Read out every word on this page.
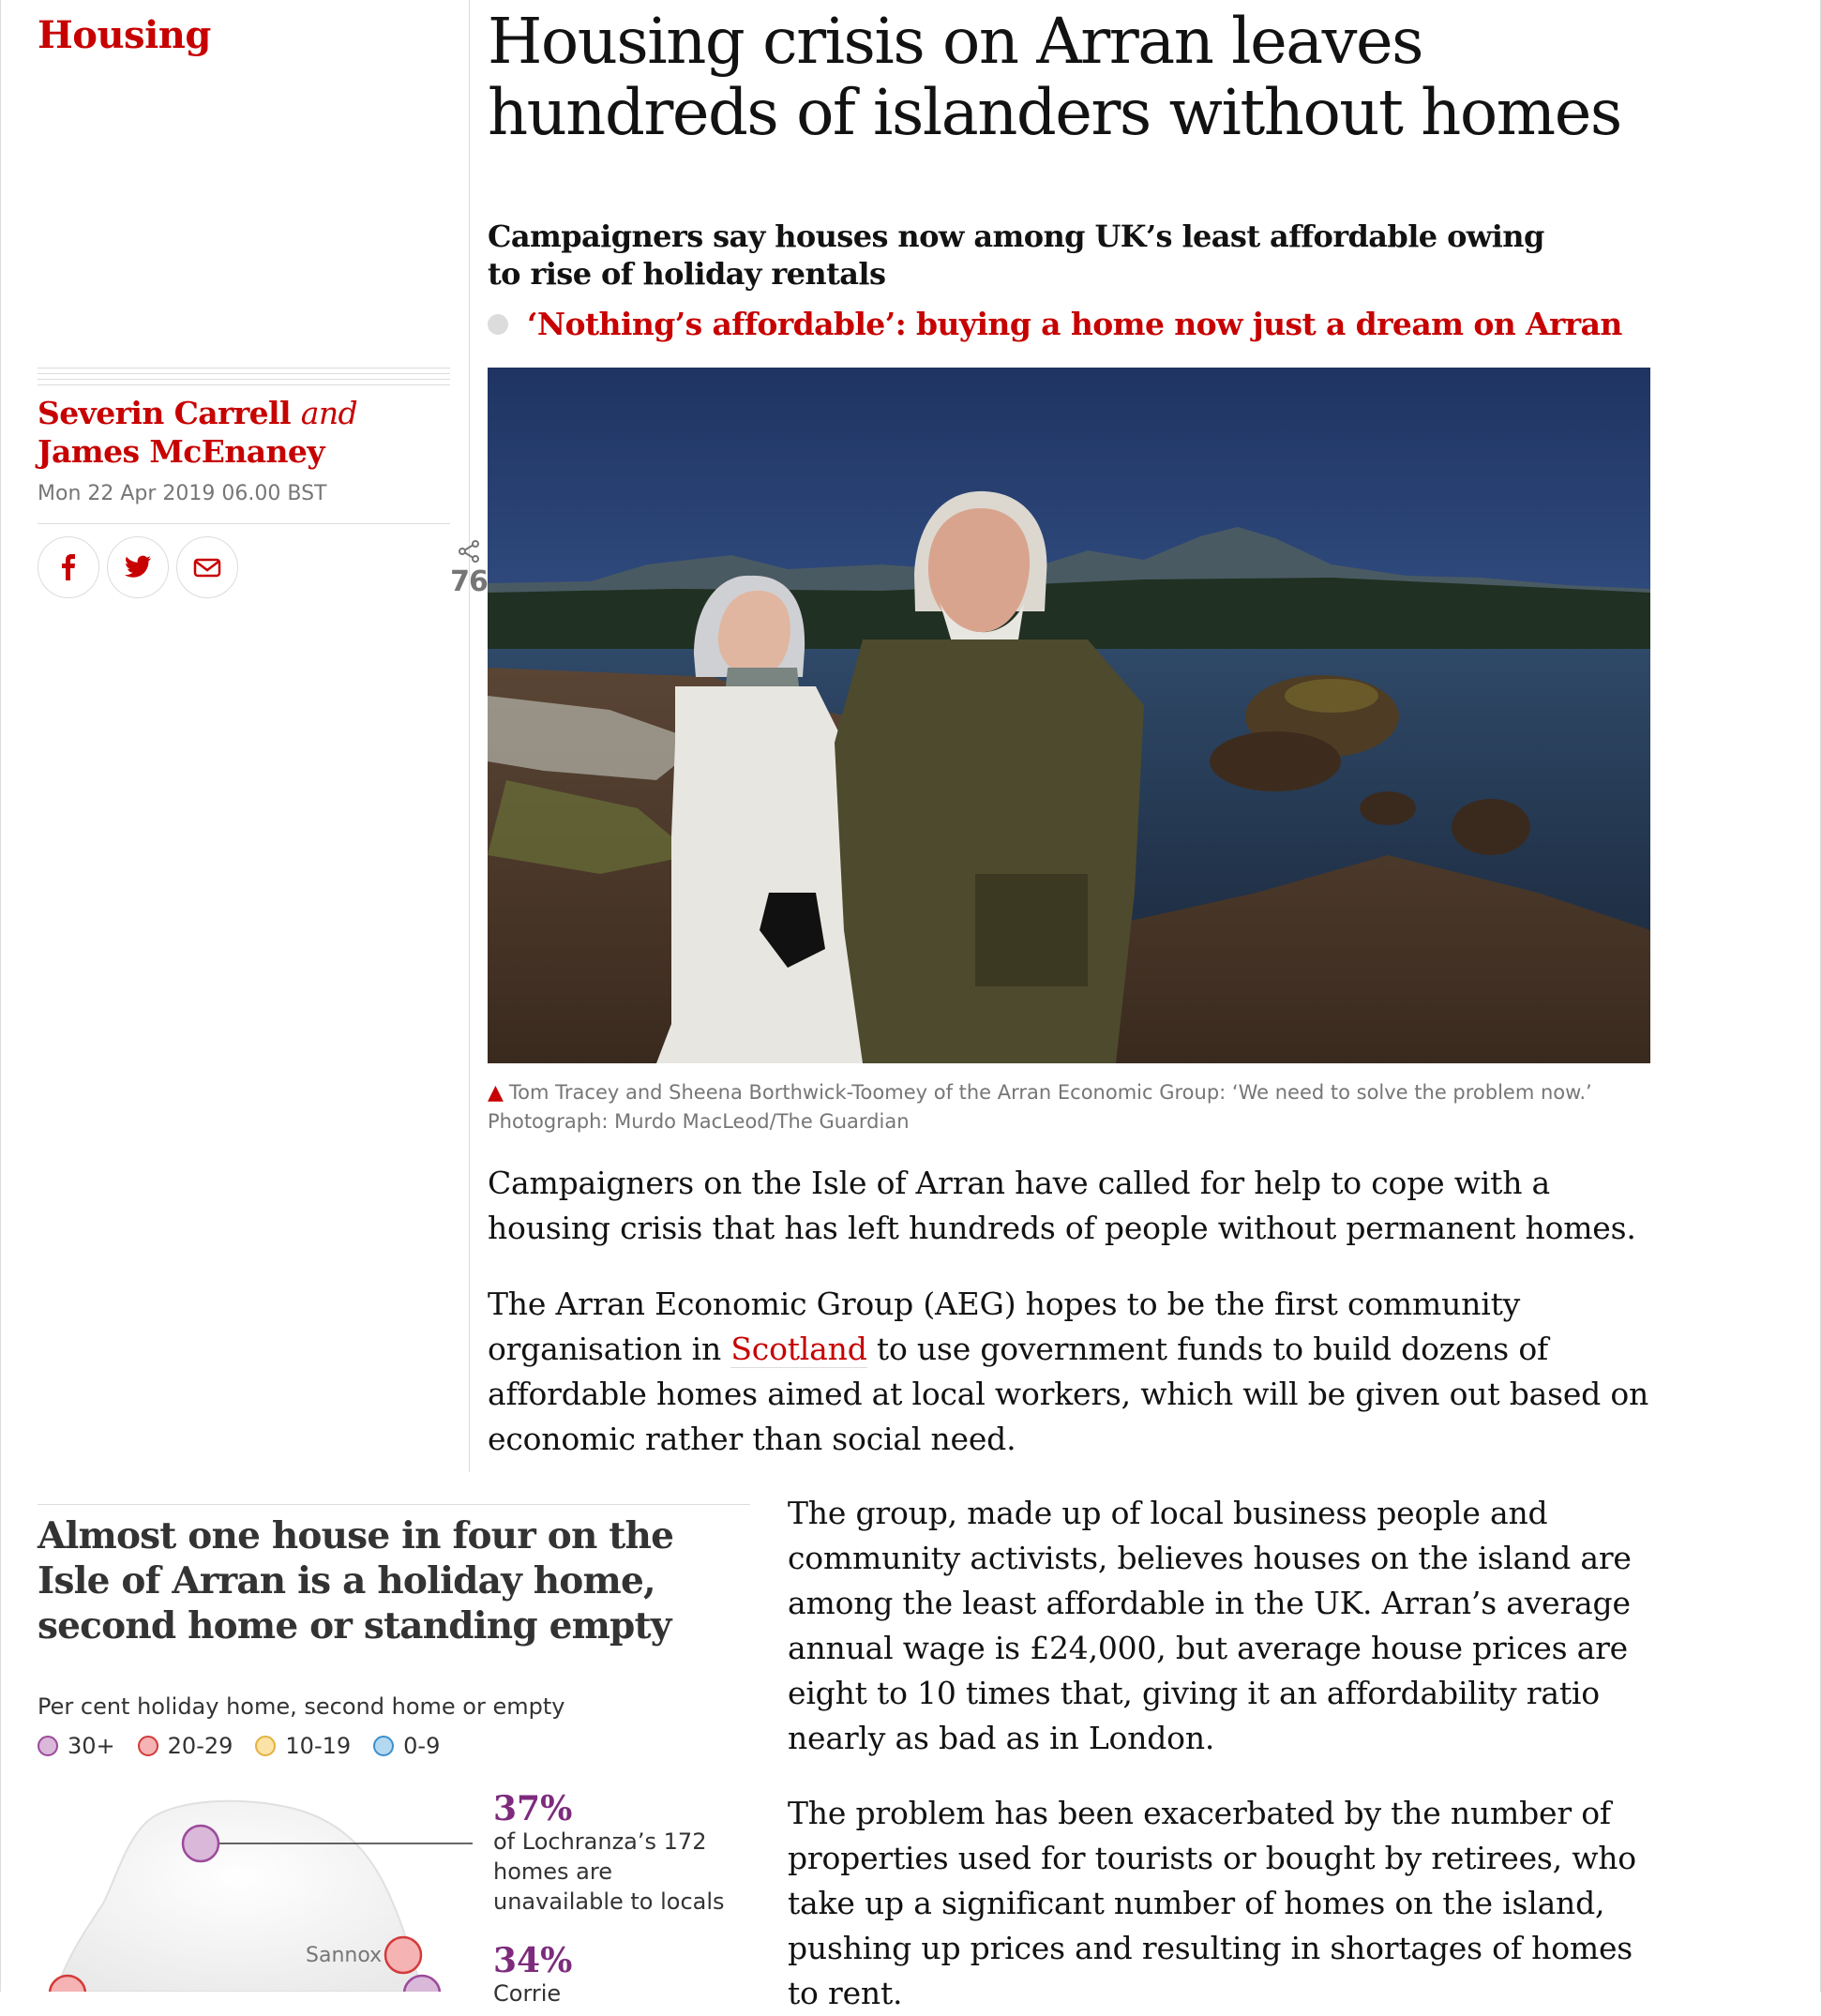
Housing	Housing crisis on Arran leaves hundreds of islanders without homes

Campaigners say houses now among UK’s least affordable owing to rise of holiday rentals

‘Nothing’s affordable’: buying a home now just a dream on Arran
Severin Carrell and James McEnaney
Mon 22 Apr 2019 06.00 BST
76
▲ Tom Tracey and Sheena Borthwick-Toomey of the Arran Economic Group: ‘We need to solve the problem now.’
Photograph: Murdo MacLeod/The Guardian

Campaigners on the Isle of Arran have called for help to cope with a housing crisis that has left hundreds of people without permanent homes.

The Arran Economic Group (AEG) hopes to be the first community organisation in Scotland to use government funds to build dozens of affordable homes aimed at local workers, which will be given out based on economic rather than social need.

The group, made up of local business people and community activists, believes houses on the island are among the least affordable in the UK. Arran’s average annual wage is £24,000, but average house prices are eight to 10 times that, giving it an affordability ratio nearly as bad as in London.

The problem has been exacerbated by the number of properties used for tourists or bought by retirees, who take up a significant number of homes on the island, pushing up prices and resulting in shortages of homes to rent.

Almost one house in four on the Isle of Arran is a holiday home, second home or standing empty
Per cent holiday home, second home or empty
30+ 20-29 10-19 0-9
Sannox
37%
of Lochranza’s 172 homes are unavailable to locals
34%
Corrie
